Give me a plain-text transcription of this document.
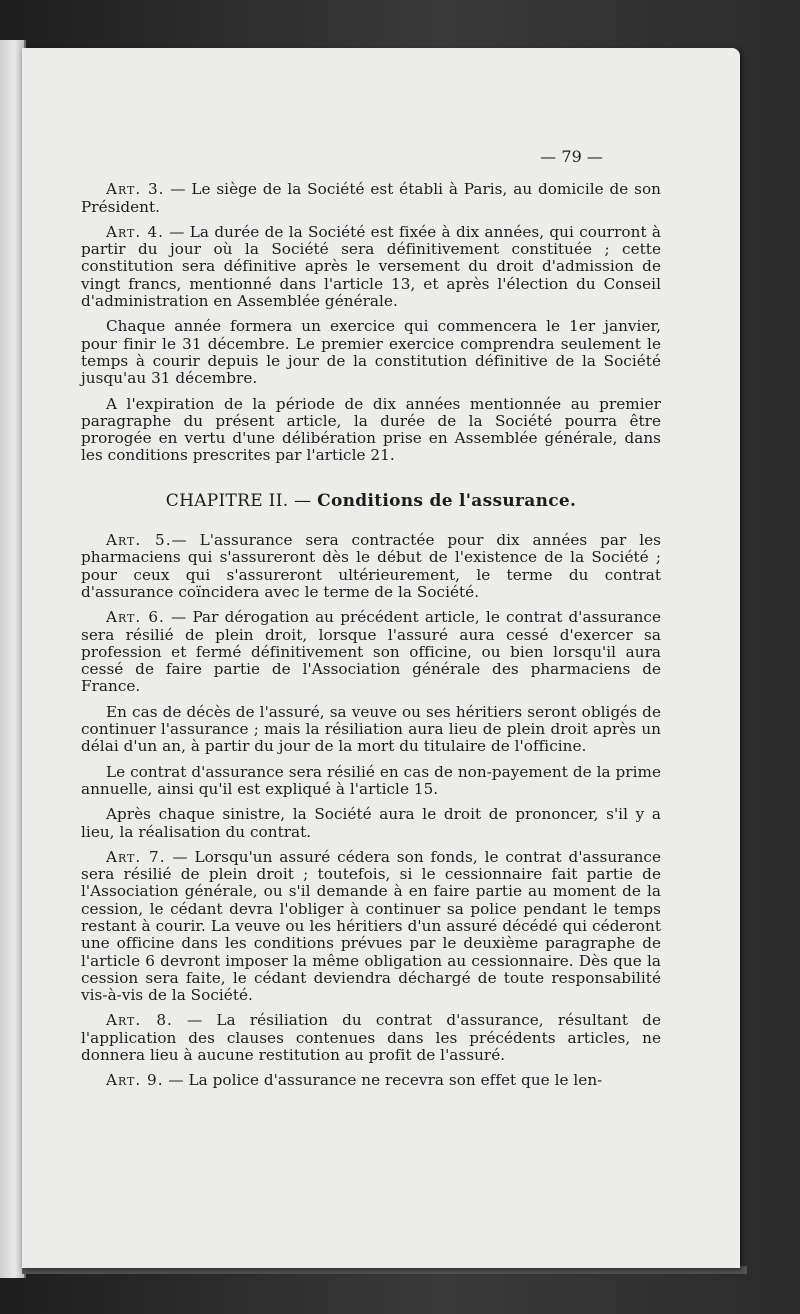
— 79 —

Art. 3. — Le siège de la Société est établi à Paris, au domicile de son Président.

Art. 4. — La durée de la Société est fixée à dix années, qui courront à partir du jour où la Société sera définitivement constituée ; cette constitution sera définitive après le versement du droit d'admission de vingt francs, mentionné dans l'article 13, et après l'élection du Conseil d'administration en Assemblée générale.

Chaque année formera un exercice qui commencera le 1er janvier, pour finir le 31 décembre. Le premier exercice comprendra seulement le temps à courir depuis le jour de la constitution définitive de la Société jusqu'au 31 décembre.

A l'expiration de la période de dix années mentionnée au premier paragraphe du présent article, la durée de la Société pourra être prorogée en vertu d'une délibération prise en Assemblée générale, dans les conditions prescrites par l'article 21.

CHAPITRE II. — Conditions de l'assurance.

Art. 5.— L'assurance sera contractée pour dix années par les pharmaciens qui s'assureront dès le début de l'existence de la Société ; pour ceux qui s'assureront ultérieurement, le terme du contrat d'assurance coïncidera avec le terme de la Société.

Art. 6. — Par dérogation au précédent article, le contrat d'assurance sera résilié de plein droit, lorsque l'assuré aura cessé d'exercer sa profession et fermé définitivement son officine, ou bien lorsqu'il aura cessé de faire partie de l'Association générale des pharmaciens de France.

En cas de décès de l'assuré, sa veuve ou ses héritiers seront obligés de continuer l'assurance ; mais la résiliation aura lieu de plein droit après un délai d'un an, à partir du jour de la mort du titulaire de l'officine.

Le contrat d'assurance sera résilié en cas de non-payement de la prime annuelle, ainsi qu'il est expliqué à l'article 15.

Après chaque sinistre, la Société aura le droit de prononcer, s'il y a lieu, la réalisation du contrat.

Art. 7. — Lorsqu'un assuré cédera son fonds, le contrat d'assurance sera résilié de plein droit ; toutefois, si le cessionnaire fait partie de l'Association générale, ou s'il demande à en faire partie au moment de la cession, le cédant devra l'obliger à continuer sa police pendant le temps restant à courir. La veuve ou les héritiers d'un assuré décédé qui céderont une officine dans les conditions prévues par le deuxième paragraphe de l'article 6 devront imposer la même obligation au cessionnaire. Dès que la cession sera faite, le cédant deviendra déchargé de toute responsabilité vis-à-vis de la Société.

Art. 8. — La résiliation du contrat d'assurance, résultant de l'application des clauses contenues dans les précédents articles, ne donnera lieu à aucune restitution au profit de l'assuré.

Art. 9. — La police d'assurance ne recevra son effet que le len-
